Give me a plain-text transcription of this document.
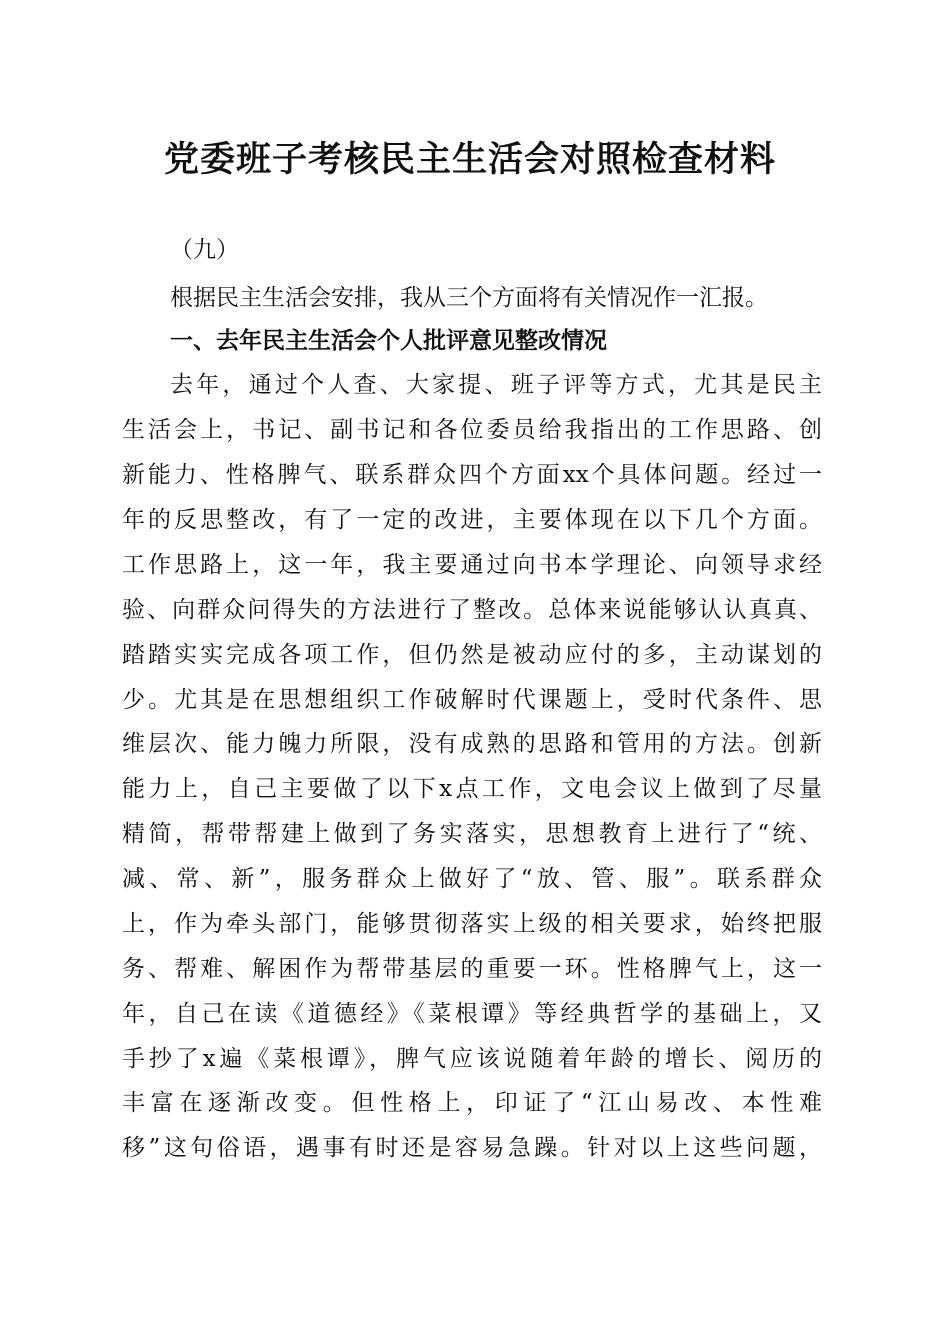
党委班子考核民主生活会对照检查材料

（九）

根据民主生活会安排，我从三个方面将有关情况作一汇报。

一、去年民主生活会个人批评意见整改情况

去年，通过个人查、大家提、班子评等方式，尤其是民主
生活会上，书记、副书记和各位委员给我指出的工作思路、创
新能力、性格脾气、联系群众四个方面xx个具体问题。经过一
年的反思整改，有了一定的改进，主要体现在以下几个方面。
工作思路上，这一年，我主要通过向书本学理论、向领导求经
验、向群众问得失的方法进行了整改。总体来说能够认认真真、
踏踏实实完成各项工作，但仍然是被动应付的多，主动谋划的
少。尤其是在思想组织工作破解时代课题上，受时代条件、思
维层次、能力魄力所限，没有成熟的思路和管用的方法。创新
能力上，自己主要做了以下x点工作，文电会议上做到了尽量
精简，帮带帮建上做到了务实落实，思想教育上进行了“统、
减、常、新”，服务群众上做好了“放、管、服”。联系群众
上，作为牵头部门，能够贯彻落实上级的相关要求，始终把服
务、帮难、解困作为帮带基层的重要一环。性格脾气上，这一
年，自己在读《道德经》《菜根谭》等经典哲学的基础上，又
手抄了x遍《菜根谭》，脾气应该说随着年龄的增长、阅历的
丰富在逐渐改变。但性格上，印证了“江山易改、本性难
移”这句俗语，遇事有时还是容易急躁。针对以上这些问题，
